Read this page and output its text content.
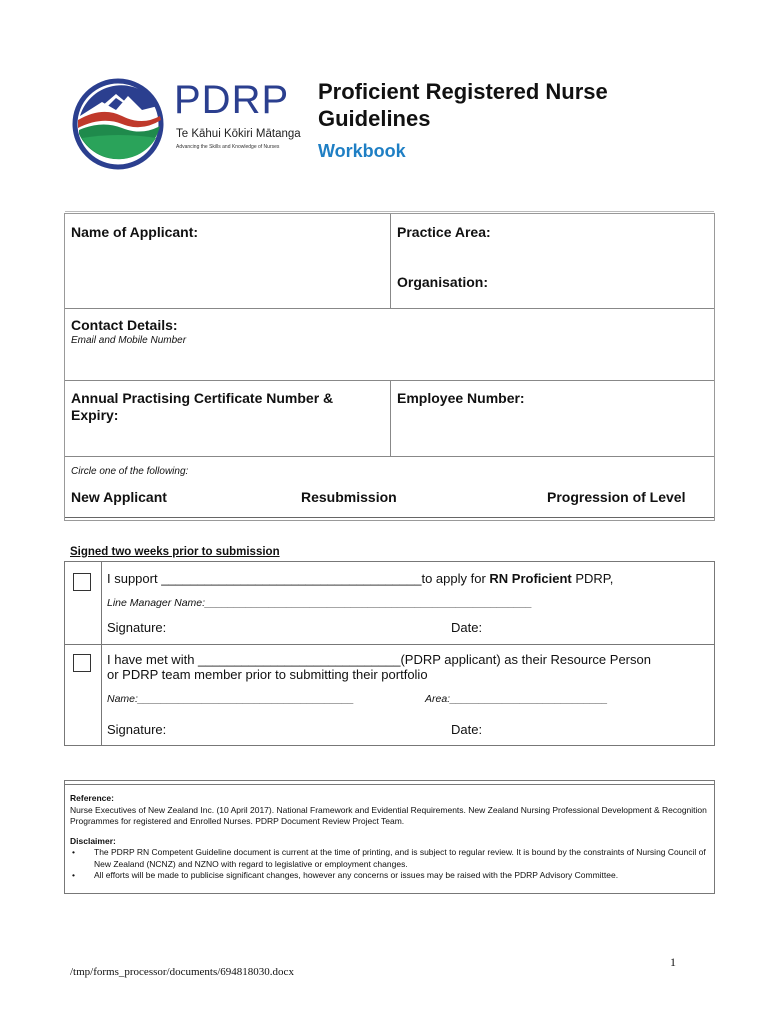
PDRP
Te Kāhui Kōkiri Mātanga
Advancing the Skills and Knowledge of Nurses
Proficient Registered Nurse Guidelines
Workbook
Name of Applicant:	Practice Area:
Organisation:
Contact Details:
Email and Mobile Number
Annual Practising Certificate Number & Expiry:
Employee Number:
Circle one of the following:
New Applicant	Resubmission	Progression of Level
Signed two weeks prior to submission
I support ____________________________________to apply for RN Proficient PDRP,
Line Manager Name:________________________________________________________
Signature:	Date:
I have met with ____________________________(PDRP applicant) as their Resource Person
or PDRP team member prior to submitting their portfolio
Name:_____________________________________	Area:___________________________
Signature:	Date:
Reference:
Nurse Executives of New Zealand Inc. (10 April 2017). National Framework and Evidential Requirements. New Zealand Nursing Professional Development & Recognition Programmes for registered and Enrolled Nurses. PDRP Document Review Project Team.
Disclaimer:
• The PDRP RN Competent Guideline document is current at the time of printing, and is subject to regular review. It is bound by the constraints of Nursing Council of New Zealand (NCNZ) and NZNO with regard to legislative or employment changes.
• All efforts will be made to publicise significant changes, however any concerns or issues may be raised with the PDRP Advisory Committee.
1
/tmp/forms_processor/documents/694818030.docx
